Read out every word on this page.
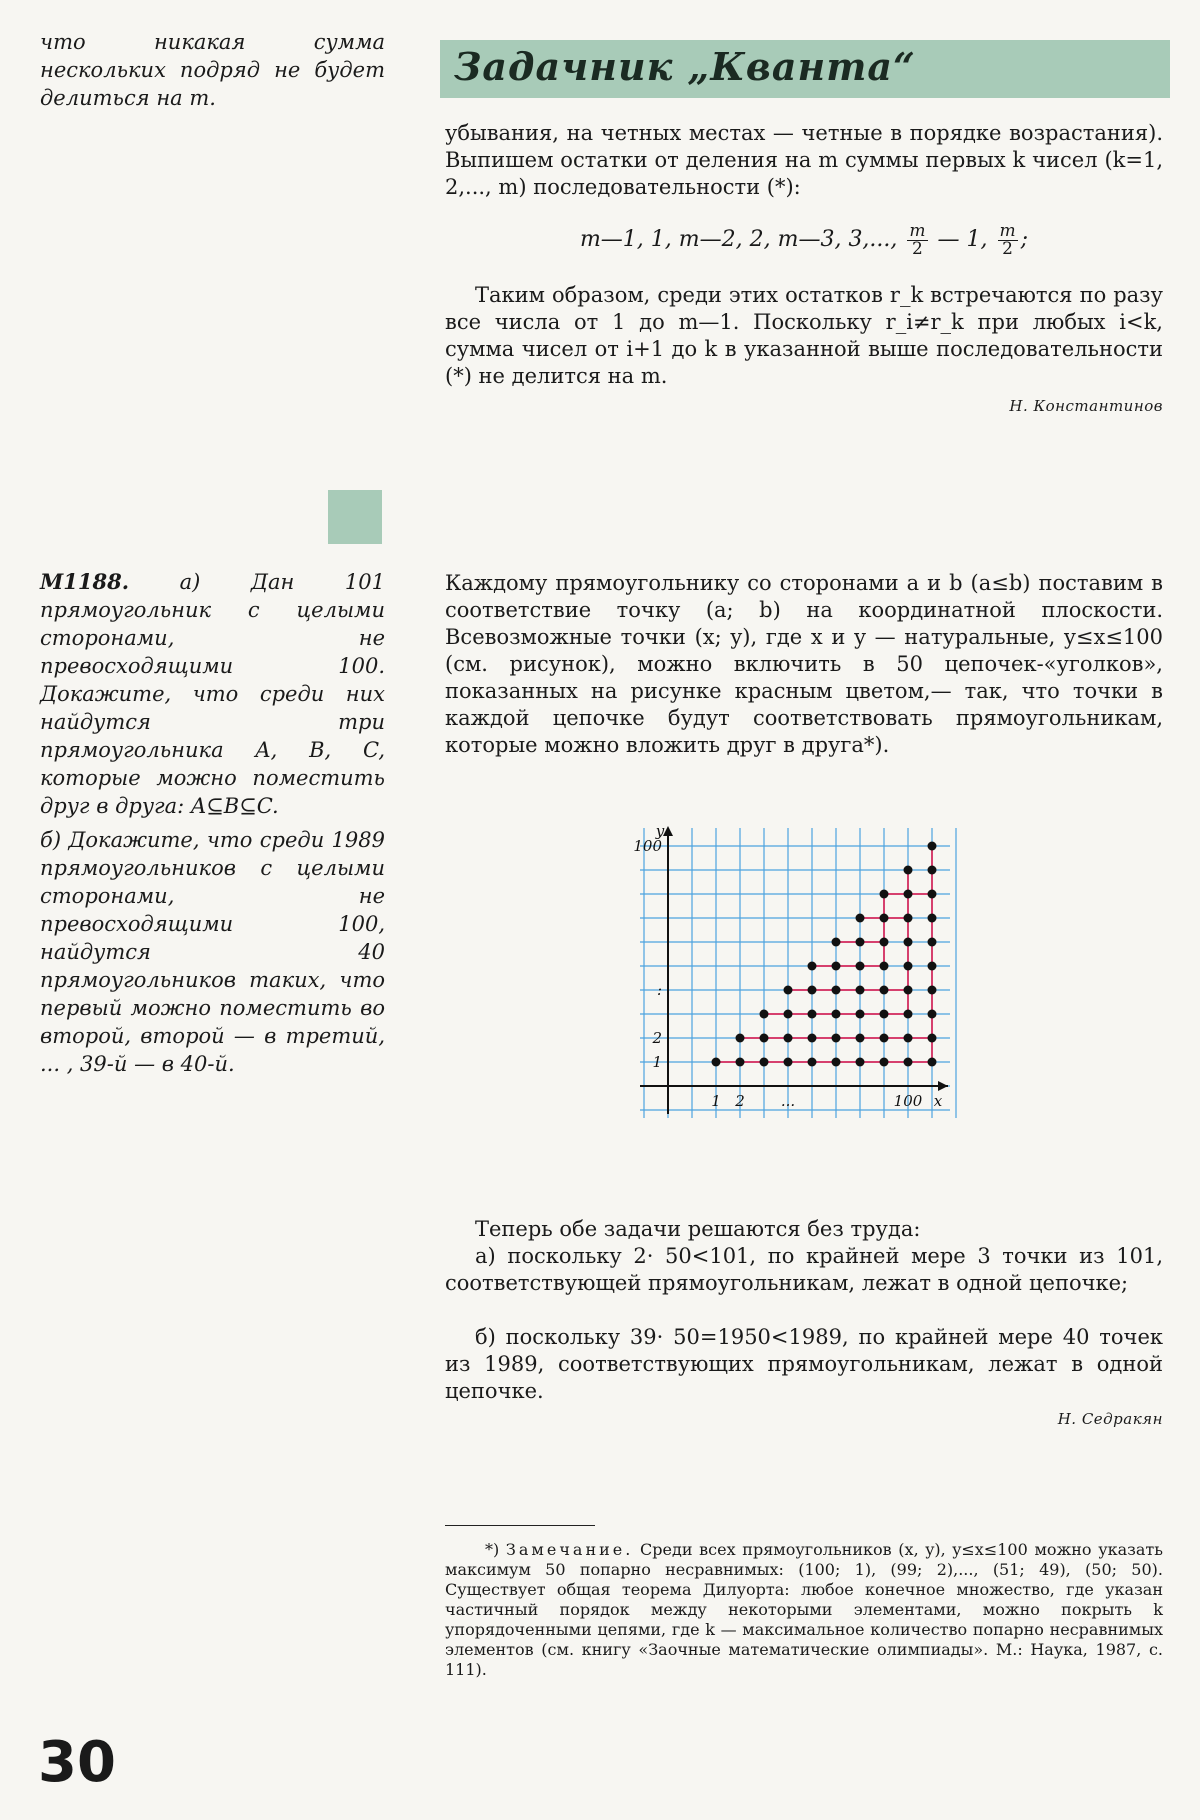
что никакая сумма нескольких подряд не будет делиться на m.
Задачник „Кванта“
убывания, на четных местах — четные в порядке возрастания). Выпишем остатки от деления на m суммы первых k чисел (k=1, 2,..., m) последовательности (*):
m—1, 1, m—2, 2, m—3, 3,..., $\frac{m}{2}$ — 1, $\frac{m}{2}$ ;
Таким образом, среди этих остатков r_k встречаются по разу все числа от 1 до m—1. Поскольку r_i≠r_k при любых i<k, сумма чисел от i+1 до k в указанной выше последовательности (*) не делится на m.
Н. Константинов
М1188. а) Дан 101 прямоугольник с целыми сторонами, не превосходящими 100. Докажите, что среди них найдутся три прямоугольника A, B, C, которые можно поместить друг в друга: A⊆B⊆C.
б) Докажите, что среди 1989 прямоугольников с целыми сторонами, не превосходящими 100, найдутся 40 прямоугольников таких, что первый можно поместить во второй, второй — в третий, ... , 39-й — в 40-й.
Каждому прямоугольнику со сторонами a и b (a≤b) поставим в соответствие точку (a; b) на координатной плоскости. Всевозможные точки (x; y), где x и y — натуральные, y≤x≤100 (см. рисунок), можно включить в 50 цепочек-«уголков», показанных на рисунке красным цветом,— так, что точки в каждой цепочке будут соответствовать прямоугольникам, которые можно вложить друг в друга*).
1 2 ...	100
1
2
:
100
x
y
Теперь обе задачи решаются без труда:
а) поскольку 2· 50<101, по крайней мере 3 точки из 101, соответствующей прямоугольникам, лежат в одной цепочке;
б) поскольку 39· 50=1950<1989, по крайней мере 40 точек из 1989, соответствующих прямоугольникам, лежат в одной цепочке.
Н. Седракян
*) Замечание. Среди всех прямоугольников (x, y), y≤x≤100 можно указать максимум 50 попарно несравнимых: (100; 1), (99; 2),..., (51; 49), (50; 50). Существует общая теорема Дилуорта: любое конечное множество, где указан частичный порядок между некоторыми элементами, можно покрыть k упорядоченными цепями, где k — максимальное количество попарно несравнимых элементов (см. книгу «Заочные математические олимпиады». М.: Наука, 1987, с. 111).
30
